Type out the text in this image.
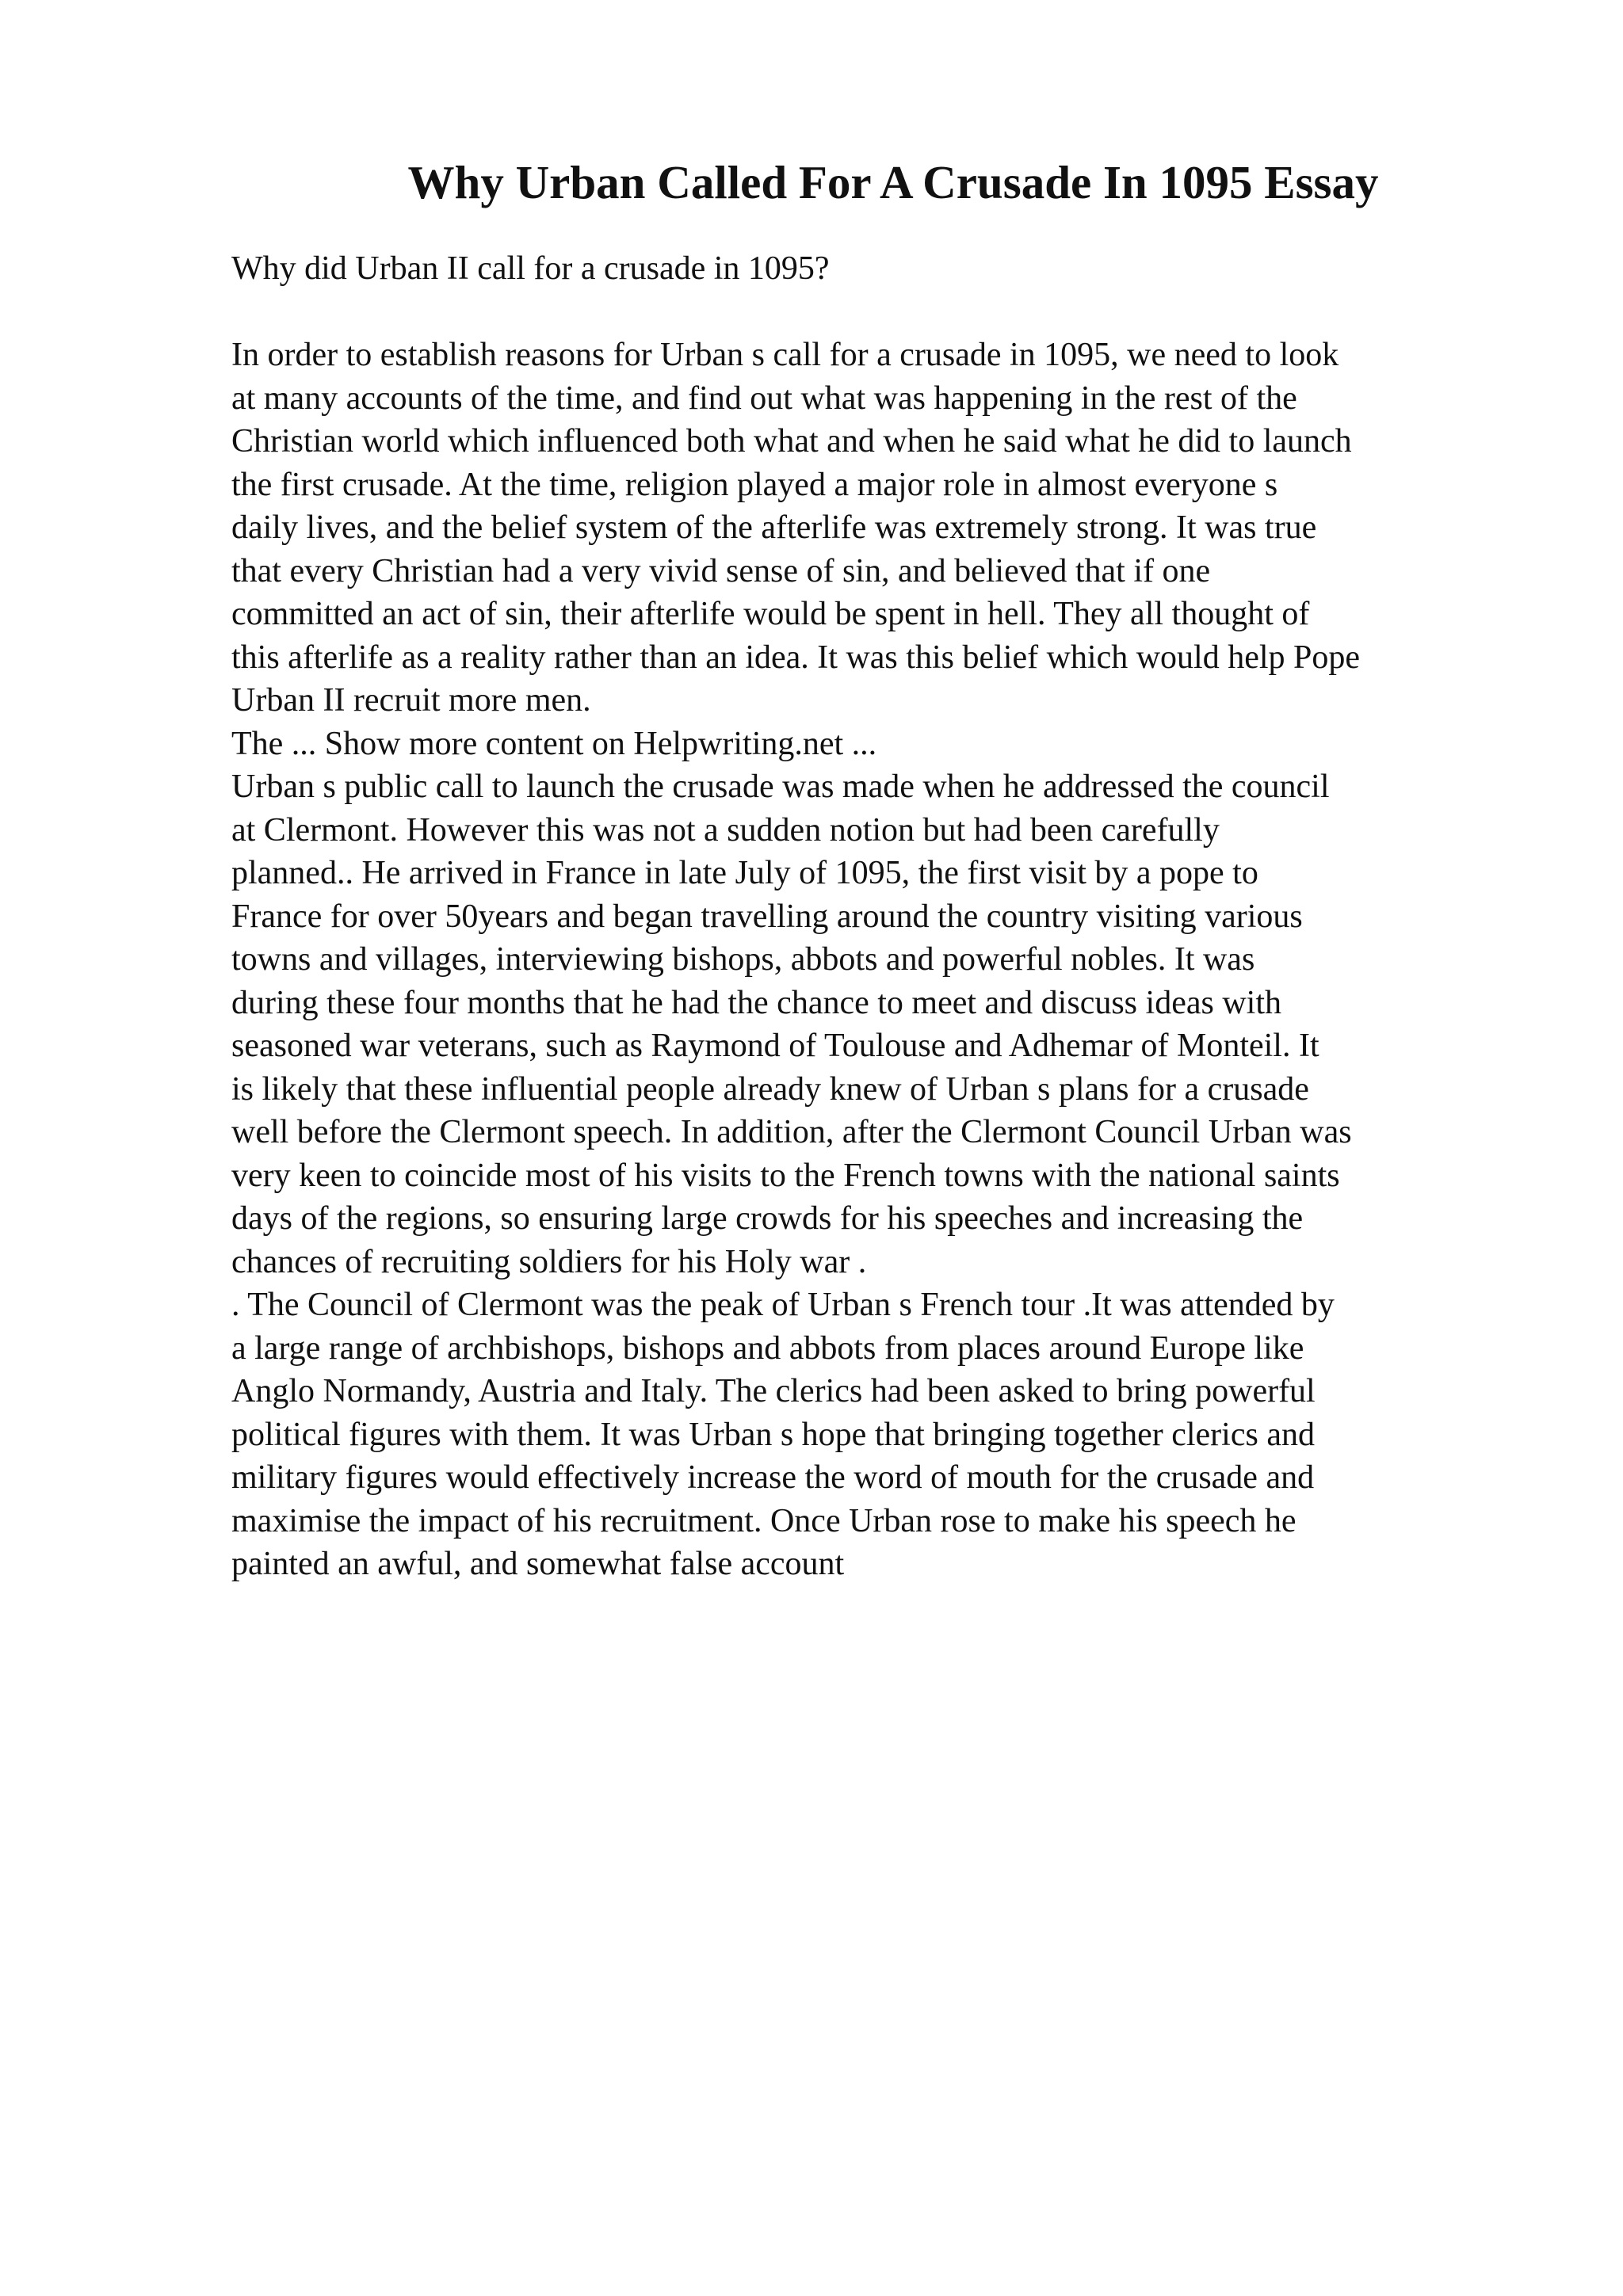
Why Urban Called For A Crusade In 1095 Essay
Why did Urban II call for a crusade in 1095?
In order to establish reasons for Urban s call for a crusade in 1095, we need to look
at many accounts of the time, and find out what was happening in the rest of the
Christian world which influenced both what and when he said what he did to launch
the first crusade. At the time, religion played a major role in almost everyone s
daily lives, and the belief system of the afterlife was extremely strong. It was true
that every Christian had a very vivid sense of sin, and believed that if one
committed an act of sin, their afterlife would be spent in hell. They all thought of
this afterlife as a reality rather than an idea. It was this belief which would help Pope
Urban II recruit more men.
The ... Show more content on Helpwriting.net ...
Urban s public call to launch the crusade was made when he addressed the council
at Clermont. However this was not a sudden notion but had been carefully
planned.. He arrived in France in late July of 1095, the first visit by a pope to
France for over 50years and began travelling around the country visiting various
towns and villages, interviewing bishops, abbots and powerful nobles. It was
during these four months that he had the chance to meet and discuss ideas with
seasoned war veterans, such as Raymond of Toulouse and Adhemar of Monteil. It
is likely that these influential people already knew of Urban s plans for a crusade
well before the Clermont speech. In addition, after the Clermont Council Urban was
very keen to coincide most of his visits to the French towns with the national saints
days of the regions, so ensuring large crowds for his speeches and increasing the
chances of recruiting soldiers for his Holy war .
. The Council of Clermont was the peak of Urban s French tour .It was attended by
a large range of archbishops, bishops and abbots from places around Europe like
Anglo Normandy, Austria and Italy. The clerics had been asked to bring powerful
political figures with them. It was Urban s hope that bringing together clerics and
military figures would effectively increase the word of mouth for the crusade and
maximise the impact of his recruitment. Once Urban rose to make his speech he
painted an awful, and somewhat false account
